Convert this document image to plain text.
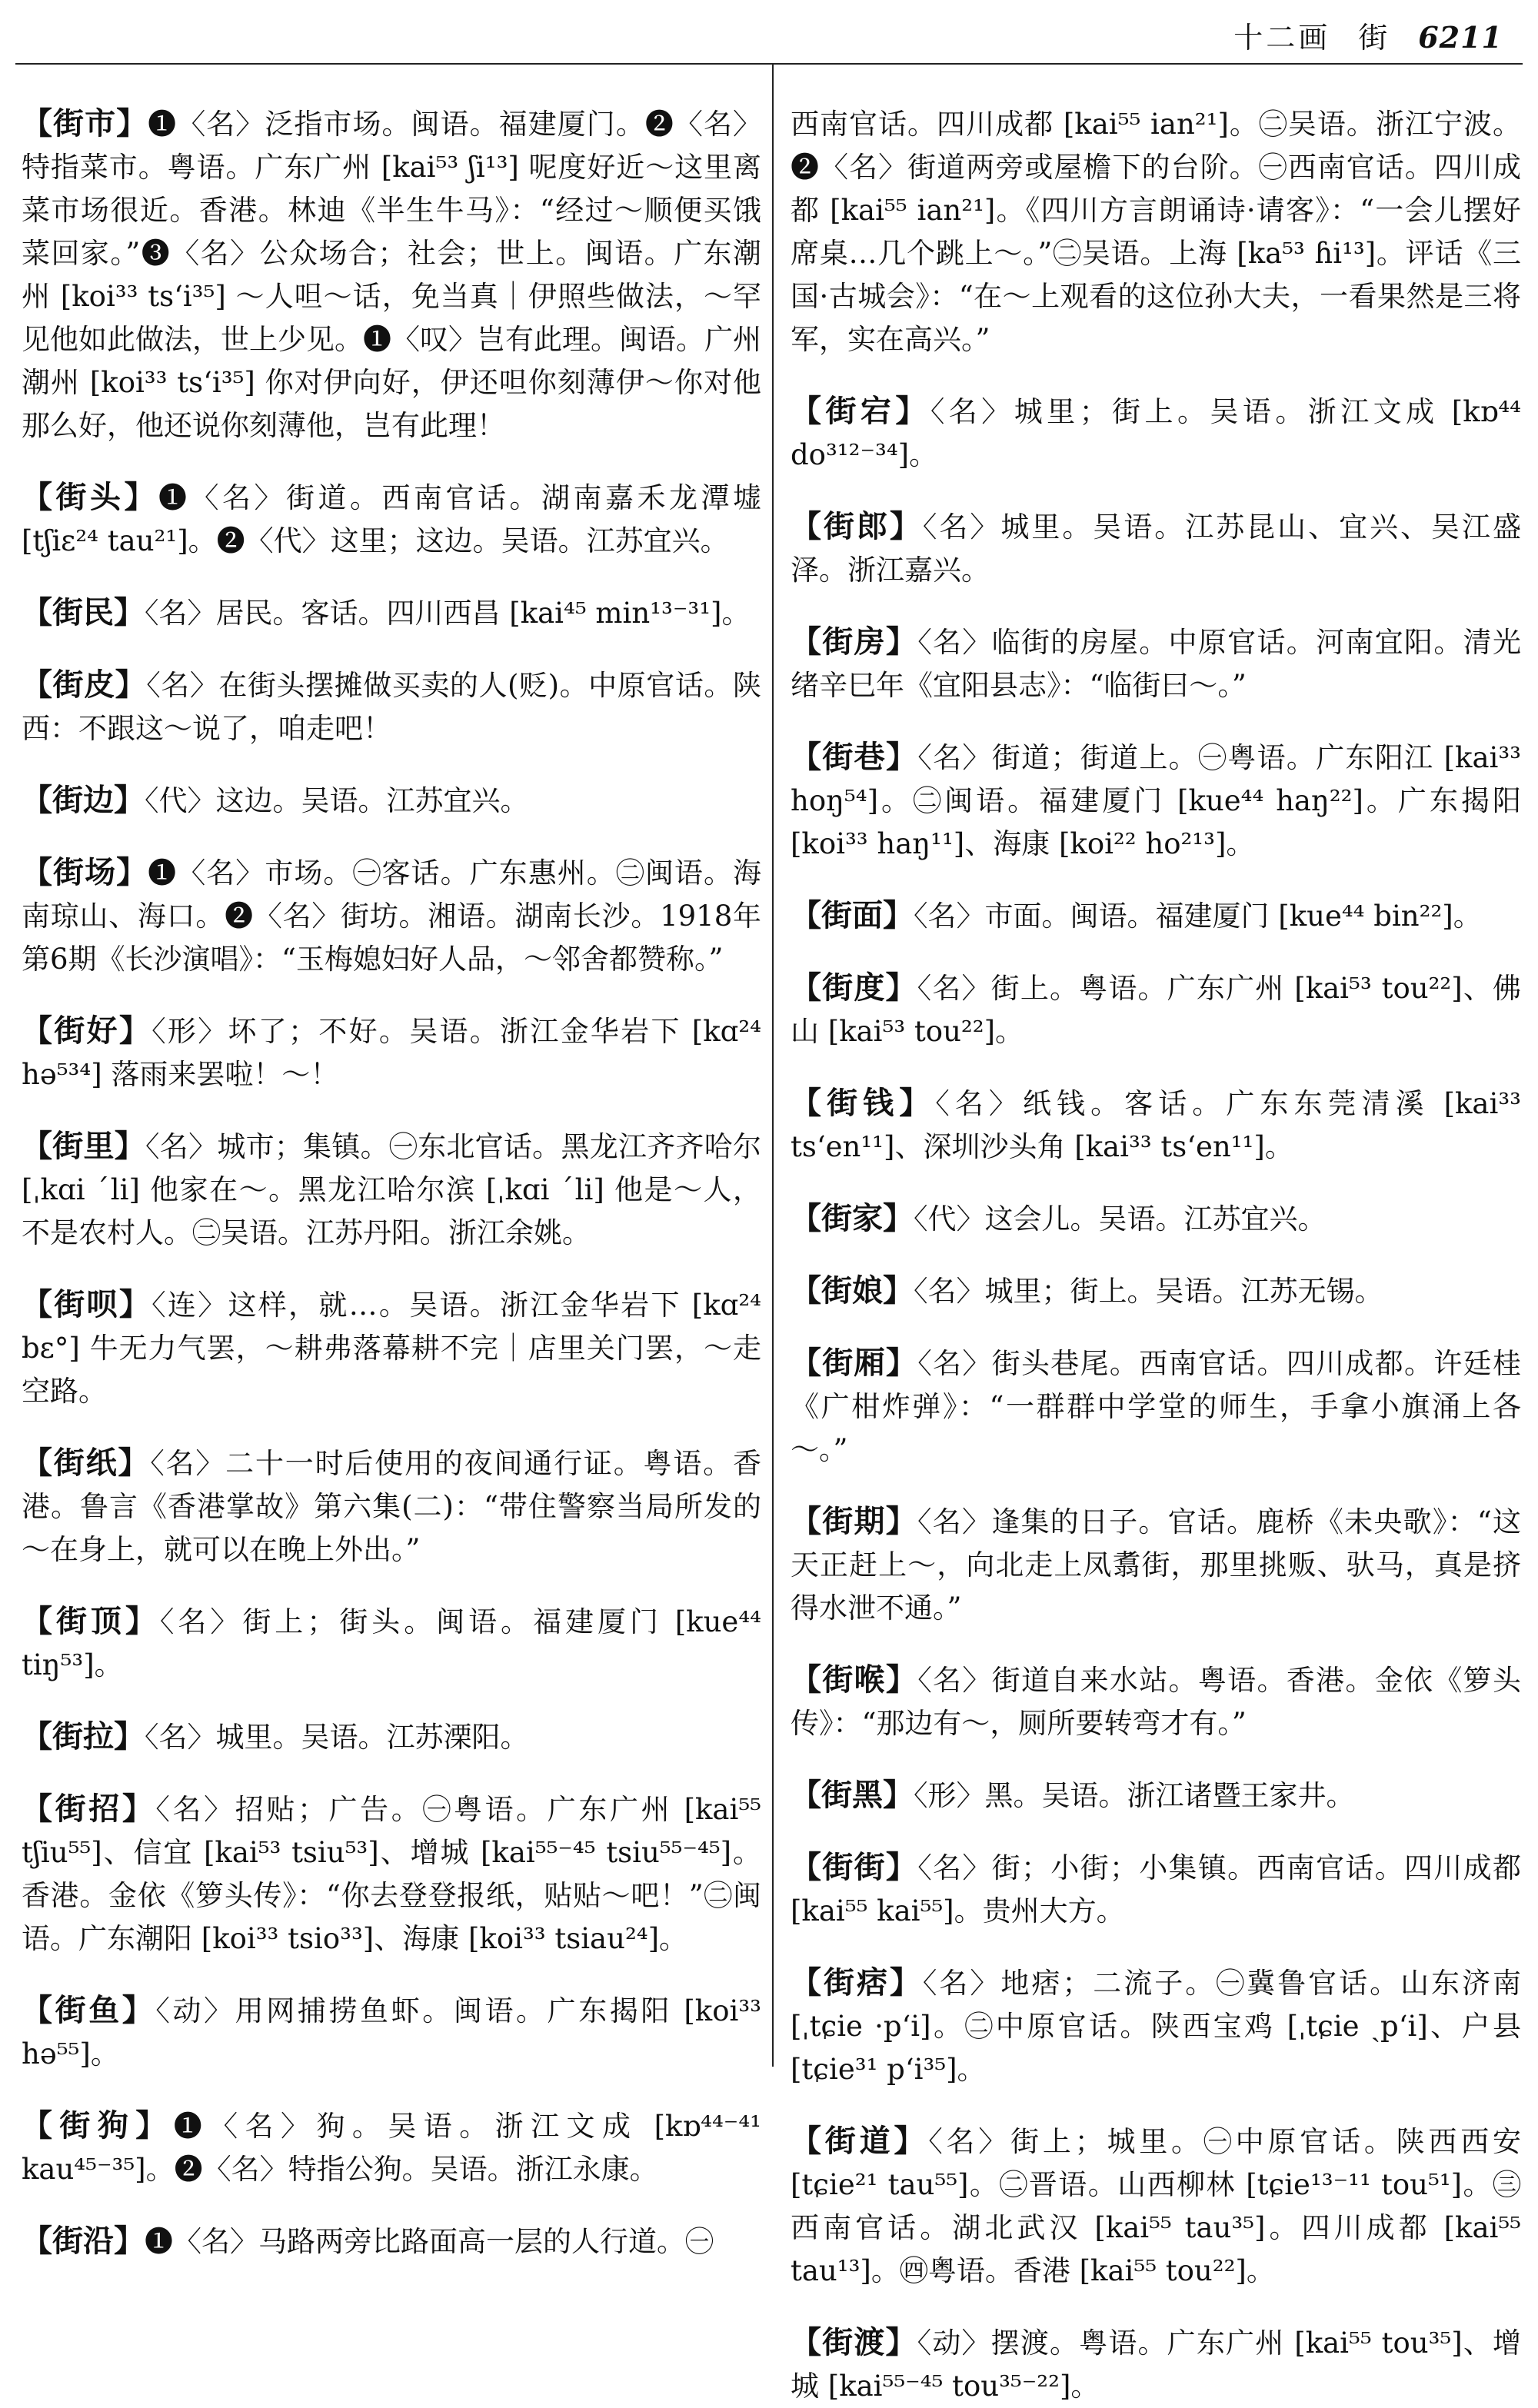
十二画 街 6211

【街市】❶〈名〉泛指市场。闽语。福建厦门。❷〈名〉特指菜市。粤语。广东广州 [kai⁵³ ʃi¹³] 呢度好近～这里离菜市场很近。香港。林迪《半生牛马》：“经过～顺便买饿菜回家。”❸〈名〉公众场合；社会；世上。闽语。广东潮州 [koi³³ ts‘i³⁵] ～人呾～话，免当真｜伊照些做法，～罕见他如此做法，世上少见。❶〈叹〉岂有此理。闽语。广州潮州 [koi³³ ts‘i³⁵] 你对伊向好，伊还呾你刻薄伊～你对他那么好，他还说你刻薄他，岂有此理！

【街头】❶〈名〉街道。西南官话。湖南嘉禾龙潭墟 [tʃiɛ²⁴ tau²¹]。❷〈代〉这里；这边。吴语。江苏宜兴。

【街民】〈名〉居民。客话。四川西昌 [kai⁴⁵ min¹³⁻³¹]。

【街皮】〈名〉在街头摆摊做买卖的人(贬)。中原官话。陕西：不跟这～说了，咱走吧！

【街边】〈代〉这边。吴语。江苏宜兴。

【街场】❶〈名〉市场。㊀客话。广东惠州。㊁闽语。海南琼山、海口。❷〈名〉街坊。湘语。湖南长沙。1918年第6期《长沙演唱》：“玉梅媳妇好人品，～邻舍都赞称。”

【街好】〈形〉坏了；不好。吴语。浙江金华岩下 [kɑ²⁴ hə⁵³⁴] 落雨来罢啦！～！

【街里】〈名〉城市；集镇。㊀东北官话。黑龙江齐齐哈尔 [ˌkɑi ˊli] 他家在～。黑龙江哈尔滨 [ˌkɑi ˊli] 他是～人，不是农村人。㊁吴语。江苏丹阳。浙江余姚。

【街呗】〈连〉这样，就…。吴语。浙江金华岩下 [kɑ²⁴ bɛ°] 牛无力气罢，～耕弗落幕耕不完｜店里关门罢，～走空路。

【街纸】〈名〉二十一时后使用的夜间通行证。粤语。香港。鲁言《香港掌故》第六集(二)：“带住警察当局所发的～在身上，就可以在晚上外出。”

【街顶】〈名〉街上；街头。闽语。福建厦门 [kue⁴⁴ tiŋ⁵³]。

【街拉】〈名〉城里。吴语。江苏溧阳。

【街招】〈名〉招贴；广告。㊀粤语。广东广州 [kai⁵⁵ tʃiu⁵⁵]、信宜 [kai⁵³ tsiu⁵³]、增城 [kai⁵⁵⁻⁴⁵ tsiu⁵⁵⁻⁴⁵]。香港。金依《箩头传》：“你去登登报纸，贴贴～吧！”㊁闽语。广东潮阳 [koi³³ tsio³³]、海康 [koi³³ tsiau²⁴]。

【街鱼】〈动〉用网捕捞鱼虾。闽语。广东揭阳 [koi³³ hə⁵⁵]。

【街狗】❶〈名〉狗。吴语。浙江文成 [kɒ⁴⁴⁻⁴¹ kau⁴⁵⁻³⁵]。❷〈名〉特指公狗。吴语。浙江永康。

【街沿】❶〈名〉马路两旁比路面高一层的人行道。㊀

西南官话。四川成都 [kai⁵⁵ ian²¹]。㊁吴语。浙江宁波。❷〈名〉街道两旁或屋檐下的台阶。㊀西南官话。四川成都 [kai⁵⁵ ian²¹]。《四川方言朗诵诗·请客》：“一会儿摆好席桌…几个跳上～。”㊁吴语。上海 [ka⁵³ ɦi¹³]。评话《三国·古城会》：“在～上观看的这位孙大夫，一看果然是三将军，实在高兴。”

【街宕】〈名〉城里；街上。吴语。浙江文成 [kɒ⁴⁴ do³¹²⁻³⁴]。

【街郎】〈名〉城里。吴语。江苏昆山、宜兴、吴江盛泽。浙江嘉兴。

【街房】〈名〉临街的房屋。中原官话。河南宜阳。清光绪辛巳年《宜阳县志》：“临街曰～。”

【街巷】〈名〉街道；街道上。㊀粤语。广东阳江 [kai³³ hoŋ⁵⁴]。㊁闽语。福建厦门 [kue⁴⁴ haŋ²²]。广东揭阳 [koi³³ haŋ¹¹]、海康 [koi²² ho²¹³]。

【街面】〈名〉市面。闽语。福建厦门 [kue⁴⁴ bin²²]。

【街度】〈名〉街上。粤语。广东广州 [kai⁵³ tou²²]、佛山 [kai⁵³ tou²²]。

【街钱】〈名〉纸钱。客话。广东东莞清溪 [kai³³ ts‘en¹¹]、深圳沙头角 [kai³³ ts‘en¹¹]。

【街家】〈代〉这会儿。吴语。江苏宜兴。

【街娘】〈名〉城里；街上。吴语。江苏无锡。

【街厢】〈名〉街头巷尾。西南官话。四川成都。许廷桂《广柑炸弹》：“一群群中学堂的师生，手拿小旗涌上各～。”

【街期】〈名〉逢集的日子。官话。鹿桥《未央歌》：“这天正赶上～，向北走上凤翥街，那里挑贩、驮马，真是挤得水泄不通。”

【街喉】〈名〉街道自来水站。粤语。香港。金依《箩头传》：“那边有～，厕所要转弯才有。”

【街黑】〈形〉黑。吴语。浙江诸暨王家井。

【街街】〈名〉街；小街；小集镇。西南官话。四川成都 [kai⁵⁵ kai⁵⁵]。贵州大方。

【街痞】〈名〉地痞；二流子。㊀冀鲁官话。山东济南 [ˌtɕie ·p‘i]。㊁中原官话。陕西宝鸡 [ˌtɕie ˏp‘i]、户县 [tɕie³¹ p‘i³⁵]。

【街道】〈名〉街上；城里。㊀中原官话。陕西西安 [tɕie²¹ tau⁵⁵]。㊁晋语。山西柳林 [tɕie¹³⁻¹¹ tou⁵¹]。㊂西南官话。湖北武汉 [kai⁵⁵ tau³⁵]。四川成都 [kai⁵⁵ tau¹³]。㊃粤语。香港 [kai⁵⁵ tou²²]。

【街渡】〈动〉摆渡。粤语。广东广州 [kai⁵⁵ tou³⁵]、增城 [kai⁵⁵⁻⁴⁵ tou³⁵⁻²²]。
